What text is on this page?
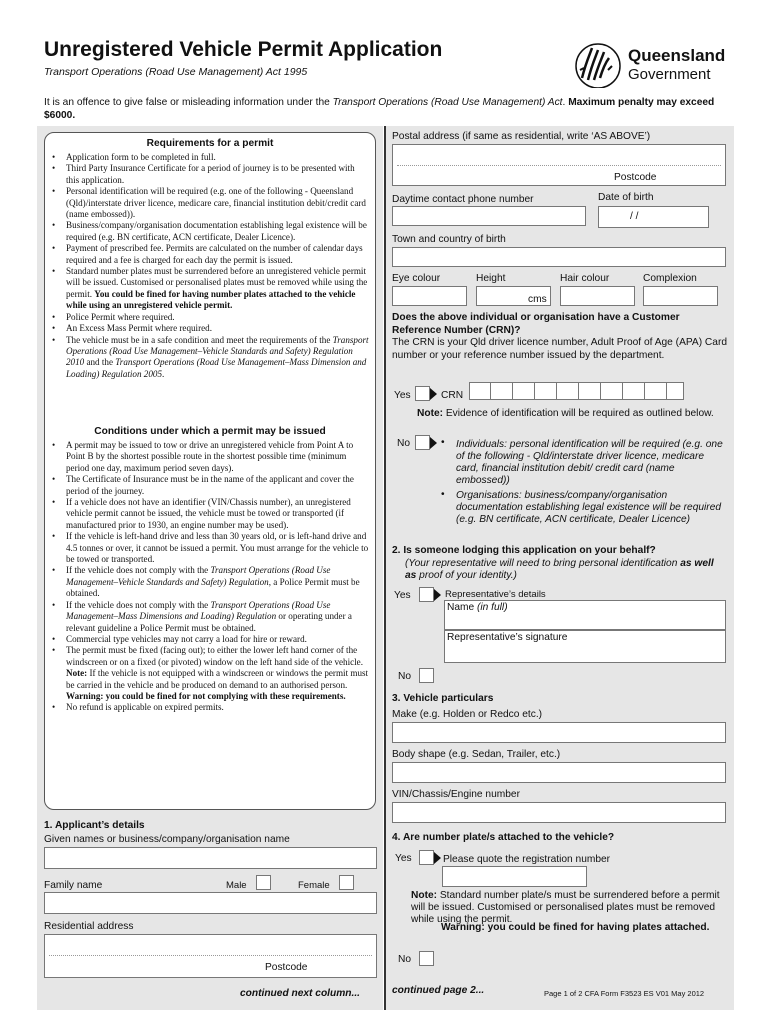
Unregistered Vehicle Permit Application
Transport Operations (Road Use Management) Act 1995
Queensland
Government
It is an offence to give false or misleading information under the Transport Operations (Road Use Management) Act. Maximum penalty may exceed $6000.
Requirements for a permit
• Application form to be completed in full.
• Third Party Insurance Certificate for a period of journey is to be presented with this application.
• Personal identification will be required (e.g. one of the following - Queensland (Qld)/interstate driver licence, medicare care, financial institution debit/credit card (name embossed)).
• Business/company/organisation documentation establishing legal existence will be required (e.g. BN certificate, ACN certificate, Dealer Licence).
• Payment of prescribed fee. Permits are calculated on the number of calendar days required and a fee is charged for each day the permit is issued.
• Standard number plates must be surrendered before an unregistered vehicle permit will be issued. Customised or personalised plates must be removed while using the permit. You could be fined for having number plates attached to the vehicle while using an unregistered vehicle permit.
• Police Permit where required.
• An Excess Mass Permit where required.
• The vehicle must be in a safe condition and meet the requirements of the Transport Operations (Road Use Management–Vehicle Standards and Safety) Regulation 2010 and the Transport Operations (Road Use Management–Mass Dimension and Loading) Regulation 2005.
Conditions under which a permit may be issued
• A permit may be issued to tow or drive an unregistered vehicle from Point A to Point B by the shortest possible route in the shortest possible time (minimum period one day, maximum period seven days).
• The Certificate of Insurance must be in the name of the applicant and cover the period of the journey.
• If a vehicle does not have an identifier (VIN/Chassis number), an unregistered vehicle permit cannot be issued, the vehicle must be towed or transported (if manufactured prior to 1930, an engine number may be used).
• If the vehicle is left-hand drive and less than 30 years old, or is left-hand drive and 4.5 tonnes or over, it cannot be issued a permit. You must arrange for the vehicle to be towed or transported.
• If the vehicle does not comply with the Transport Operations (Road Use Management–Vehicle Standards and Safety) Regulation, a Police Permit must be obtained.
• If the vehicle does not comply with the Transport Operations (Road Use Management–Mass Dimensions and Loading) Regulation or operating under a relevant guideline a Police Permit must be obtained.
• Commercial type vehicles may not carry a load for hire or reward.
• The permit must be fixed (facing out); to either the lower left hand corner of the windscreen or on a fixed (or pivoted) window on the left hand side of the vehicle. Note: If the vehicle is not equipped with a windscreen or windows the permit must be carried in the vehicle and be produced on demand to an authorised person. Warning: you could be fined for not complying with these requirements.
• No refund is applicable on expired permits.
1. Applicant’s details
Given names or business/company/organisation name
Family name	Male	Female
Residential address
Postcode
continued next column...
Postal address (if same as residential, write ‘AS ABOVE’)
Postcode
Daytime contact phone number	Date of birth
/ /
Town and country of birth
Eye colour	Height	Hair colour	Complexion
cms
Does the above individual or organisation have a Customer Reference Number (CRN)?
The CRN is your Qld driver licence number, Adult Proof of Age (APA) Card number or your reference number issued by the department.
Yes	CRN
Note: Evidence of identification will be required as outlined below.
No	• Individuals: personal identification will be required (e.g. one of the following - Qld/interstate driver licence, medicare card, financial institution debit/ credit card (name embossed))
• Organisations: business/company/organisation documentation establishing legal existence will be required (e.g. BN certificate, ACN certificate, Dealer Licence)
2. Is someone lodging this application on your behalf?
(Your representative will need to bring personal identification as well as proof of your identity.)
Yes	Representative’s details
Name (in full)
Representative’s signature
No
3. Vehicle particulars
Make (e.g. Holden or Redco etc.)
Body shape (e.g. Sedan, Trailer, etc.)
VIN/Chassis/Engine number
4. Are number plate/s attached to the vehicle?
Yes	Please quote the registration number
Note: Standard number plate/s must be surrendered before a permit will be issued. Customised or personalised plates must be removed while using the permit.
Warning: you could be fined for having plates attached.
No
continued page 2...	Page 1 of 2 CFA Form F3523 ES V01 May 2012
